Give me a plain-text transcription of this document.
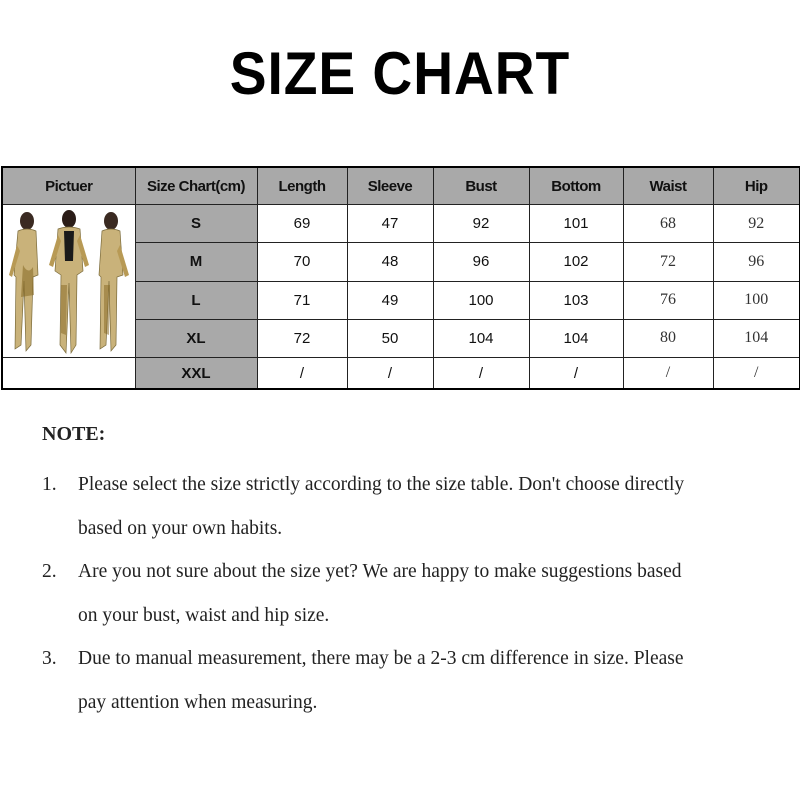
SIZE CHART
Pictuer	Size Chart(cm)	Length	Sleeve	Bust	Bottom	Waist	Hip

	S	69	47	92	101	68	92
	M	70	48	96	102	72	96
	L	71	49	100	103	76	100
	XL	72	50	104	104	80	104
	XXL	/	/	/	/	/	/
NOTE:
1.	Please select the size strictly according to the size table. Don't choose directly
based on your own habits.
2.	Are you not sure about the size yet? We are happy to make suggestions based
on your bust, waist and hip size.
3.	Due to manual measurement, there may be a 2-3 cm difference in size. Please
pay attention when measuring.
